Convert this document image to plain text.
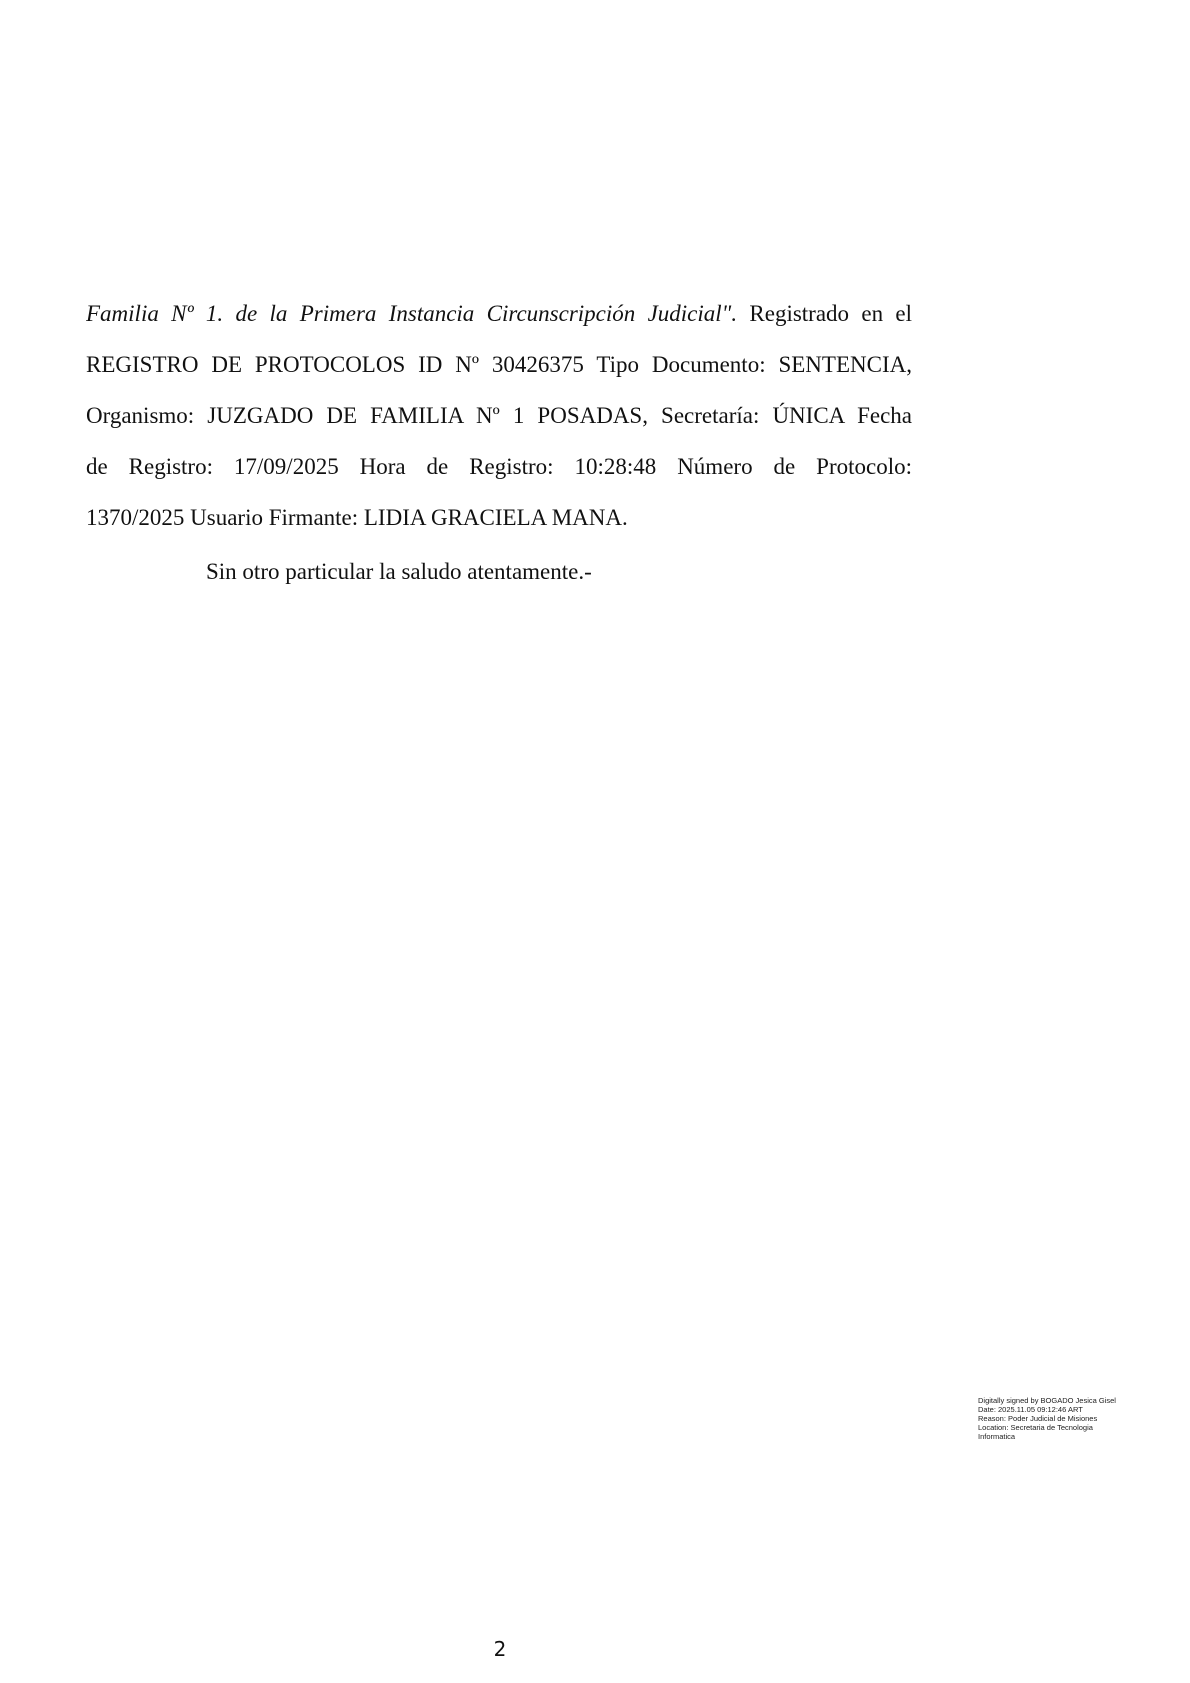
Familia Nº 1. de la Primera Instancia Circunscripción Judicial". Registrado en el
REGISTRO DE PROTOCOLOS ID Nº 30426375 Tipo Documento: SENTENCIA,
Organismo: JUZGADO DE FAMILIA Nº 1 POSADAS, Secretaría: ÚNICA Fecha
de Registro: 17/09/2025 Hora de Registro: 10:28:48 Número de Protocolo:
1370/2025 Usuario Firmante: LIDIA GRACIELA MANA.

Sin otro particular la saludo atentamente.-

Digitally signed by BOGADO Jesica Gisel
Date: 2025.11.05 09:12:46 ART
Reason: Poder Judicial de Misiones
Location: Secretaria de Tecnologia
Informatica
2
